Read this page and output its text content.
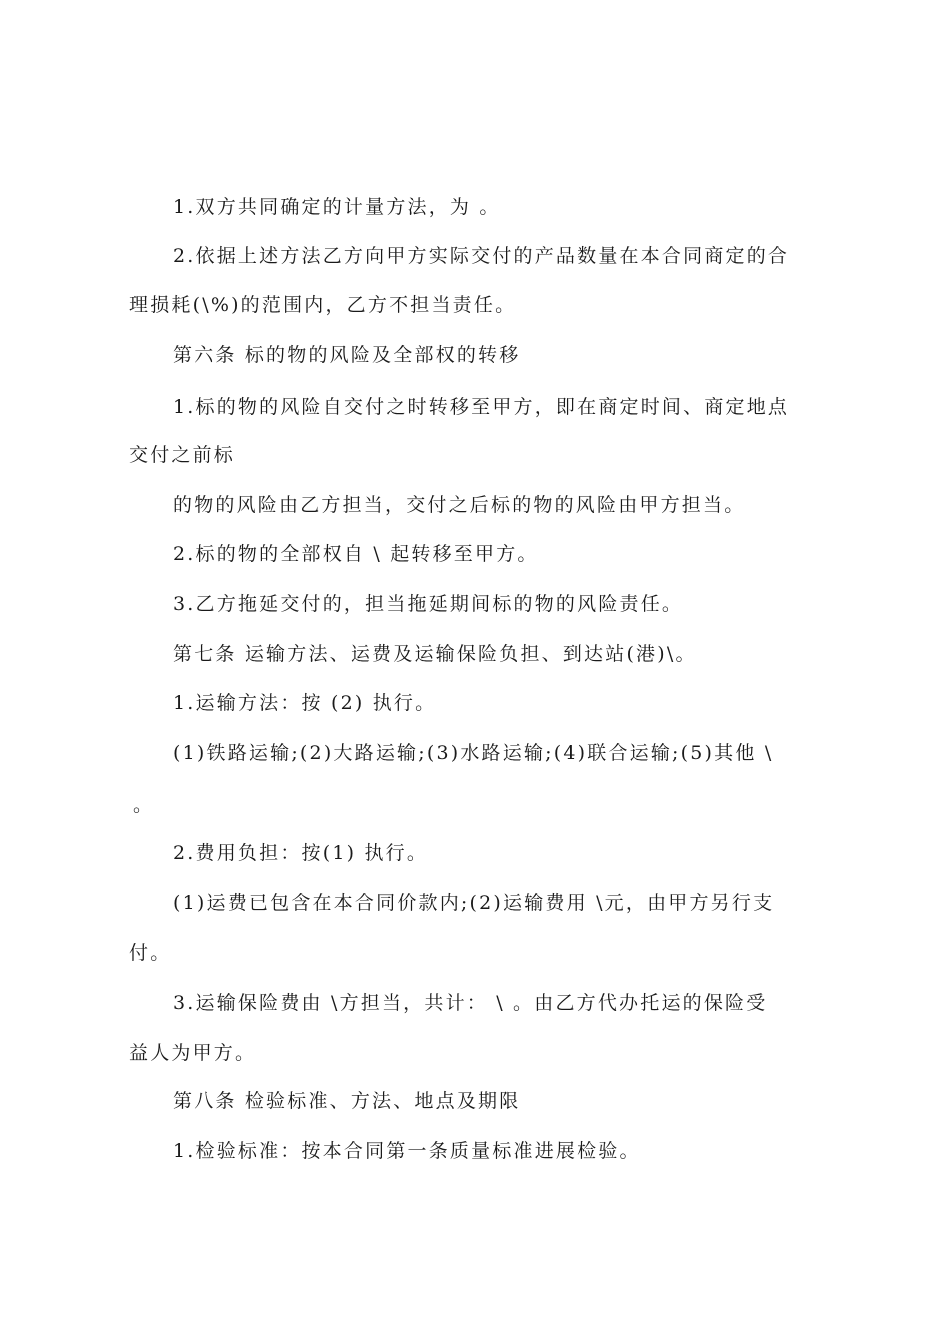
1.双方共同确定的计量方法，为 。
2.依据上述方法乙方向甲方实际交付的产品数量在本合同商定的合
理损耗(\%)的范围内，乙方不担当责任。
第六条 标的物的风险及全部权的转移
1.标的物的风险自交付之时转移至甲方，即在商定时间、商定地点
交付之前标
的物的风险由乙方担当，交付之后标的物的风险由甲方担当。
2.标的物的全部权自 \ 起转移至甲方。
3.乙方拖延交付的，担当拖延期间标的物的风险责任。
第七条 运输方法、运费及运输保险负担、到达站(港)\。
1.运输方法：按 (2) 执行。
(1)铁路运输;(2)大路运输;(3)水路运输;(4)联合运输;(5)其他 \
。
2.费用负担：按(1) 执行。
(1)运费已包含在本合同价款内;(2)运输费用 \元，由甲方另行支
付。
3.运输保险费由 \方担当，共计： \ 。由乙方代办托运的保险受
益人为甲方。
第八条 检验标准、方法、地点及期限
1.检验标准：按本合同第一条质量标准进展检验。
